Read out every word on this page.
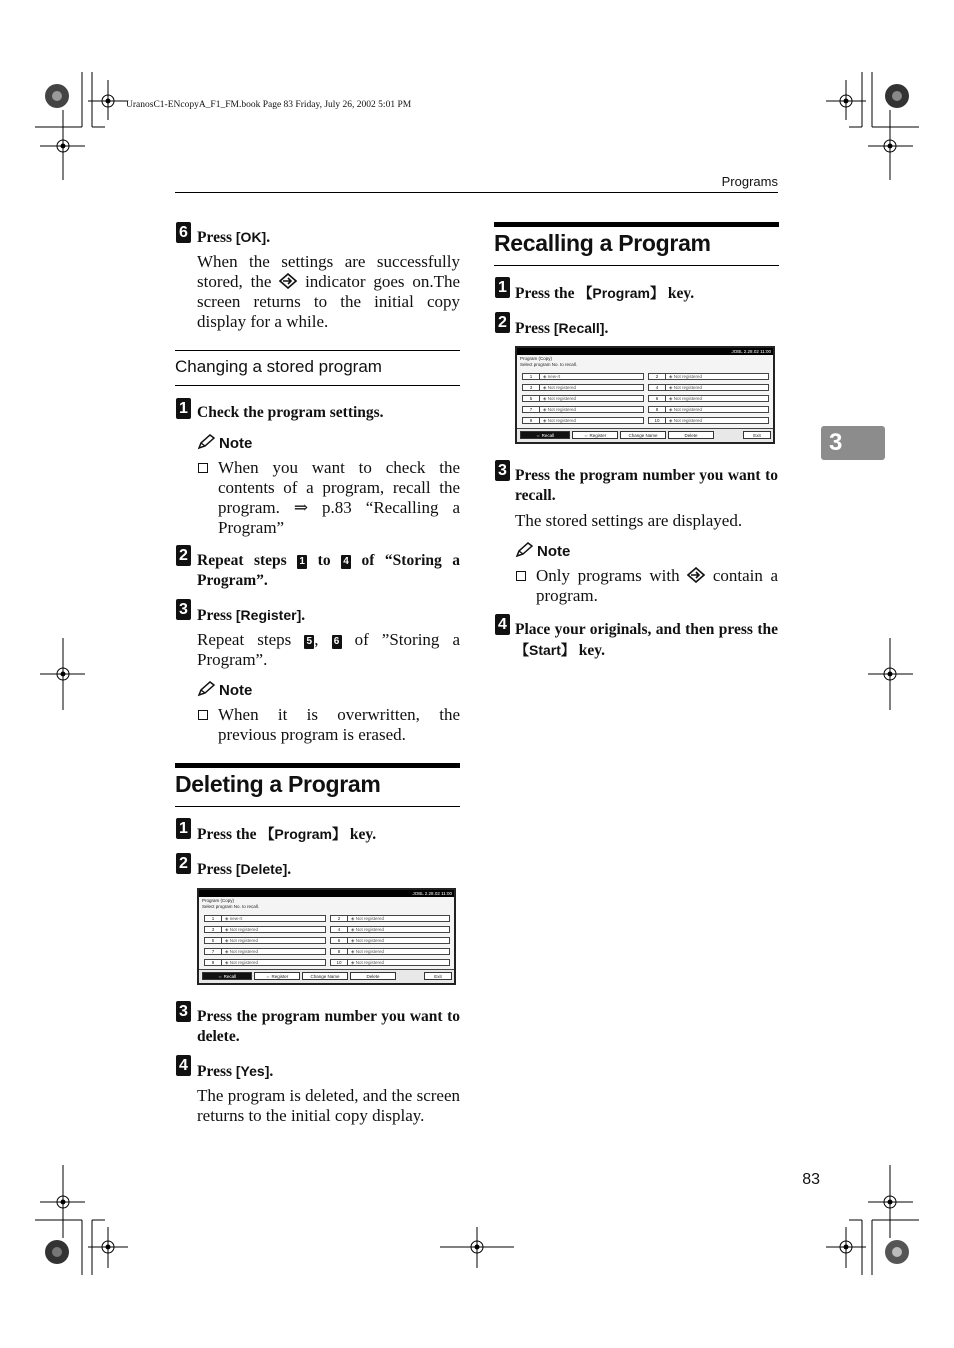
UranosC1-ENcopyA_F1_FM.book Page 83 Friday, July 26, 2002 5:01 PM
Programs
6 Press [OK].
When the settings are successfully stored, the  indicator goes on.The screen returns to the initial copy display for a while.
Changing a stored program
1 Check the program settings.
Note
When you want to check the contents of a program, recall the program. ⇒ p.83 “Recalling a Program”
2 Repeat steps 1 to 4 of “Storing a Program”.
3 Press [Register].
Repeat steps 5 , 6 of ”Storing a Program”.
Note
When it is overwritten, the previous program is erased.
Deleting a Program
1 Press the 【Program】 key.
2 Press [Delete].
JOBL 2.28.02 11:00
Program (Copy)
Select program No. to recall.
1	◈ new-rt	2	◈ Not registered
3	◈ Not registered	4	◈ Not registered
5	◈ Not registered	6	◈ Not registered
7	◈ Not registered	8	◈ Not registered
9	◈ Not registered	10	◈ Not registered
⇔ Recall	⇔ Register	Change Name	Delete	Exit
3 Press the program number you want to delete.
4 Press [Yes].
The program is deleted, and the screen returns to the initial copy display.
Recalling a Program
1 Press the 【Program】 key.
2 Press [Recall].
JOBL 2.28.02 11:00
Program (Copy)
Select program No. to recall.
1	◈ new-rt	2	◈ Not registered
3	◈ Not registered	4	◈ Not registered
5	◈ Not registered	6	◈ Not registered
7	◈ Not registered	8	◈ Not registered
9	◈ Not registered	10	◈ Not registered
⇔ Recall	⇔ Register	Change Name	Delete	Exit
3 Press the program number you want to recall.
The stored settings are displayed.
Note
Only programs with  contain a program.
4 Place your originals, and then press the 【Start】 key.
3
83
